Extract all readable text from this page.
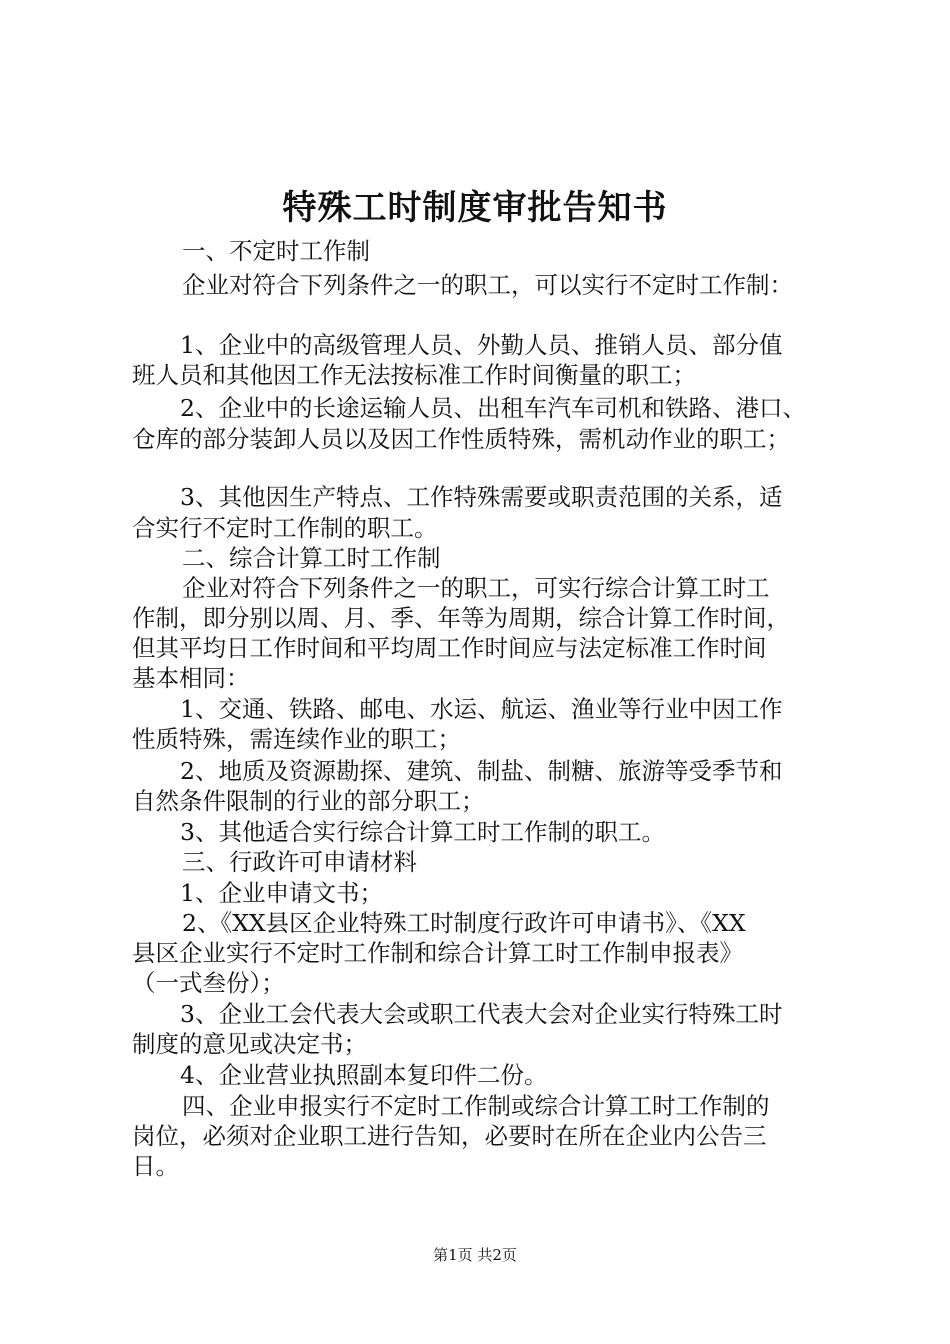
特殊工时制度审批告知书
一、不定时工作制
企业对符合下列条件之一的职工，可以实行不定时工作制：
1、企业中的高级管理人员、外勤人员、推销人员、部分值
班人员和其他因工作无法按标准工作时间衡量的职工；
2、企业中的长途运输人员、出租车汽车司机和铁路、港口、
仓库的部分装卸人员以及因工作性质特殊，需机动作业的职工；
3、其他因生产特点、工作特殊需要或职责范围的关系，适
合实行不定时工作制的职工。
二、综合计算工时工作制
企业对符合下列条件之一的职工，可实行综合计算工时工
作制，即分别以周、月、季、年等为周期，综合计算工作时间，
但其平均日工作时间和平均周工作时间应与法定标准工作时间
基本相同：
1、交通、铁路、邮电、水运、航运、渔业等行业中因工作
性质特殊，需连续作业的职工；
2、地质及资源勘探、建筑、制盐、制糖、旅游等受季节和
自然条件限制的行业的部分职工；
3、其他适合实行综合计算工时工作制的职工。
三、行政许可申请材料
1、企业申请文书；
2、《XX县区企业特殊工时制度行政许可申请书》、《XX
县区企业实行不定时工作制和综合计算工时工作制申报表》
（一式叁份）；
3、企业工会代表大会或职工代表大会对企业实行特殊工时
制度的意见或决定书；
4、企业营业执照副本复印件二份。
四、企业申报实行不定时工作制或综合计算工时工作制的
岗位，必须对企业职工进行告知，必要时在所在企业内公告三
日。
第1页 共2页
